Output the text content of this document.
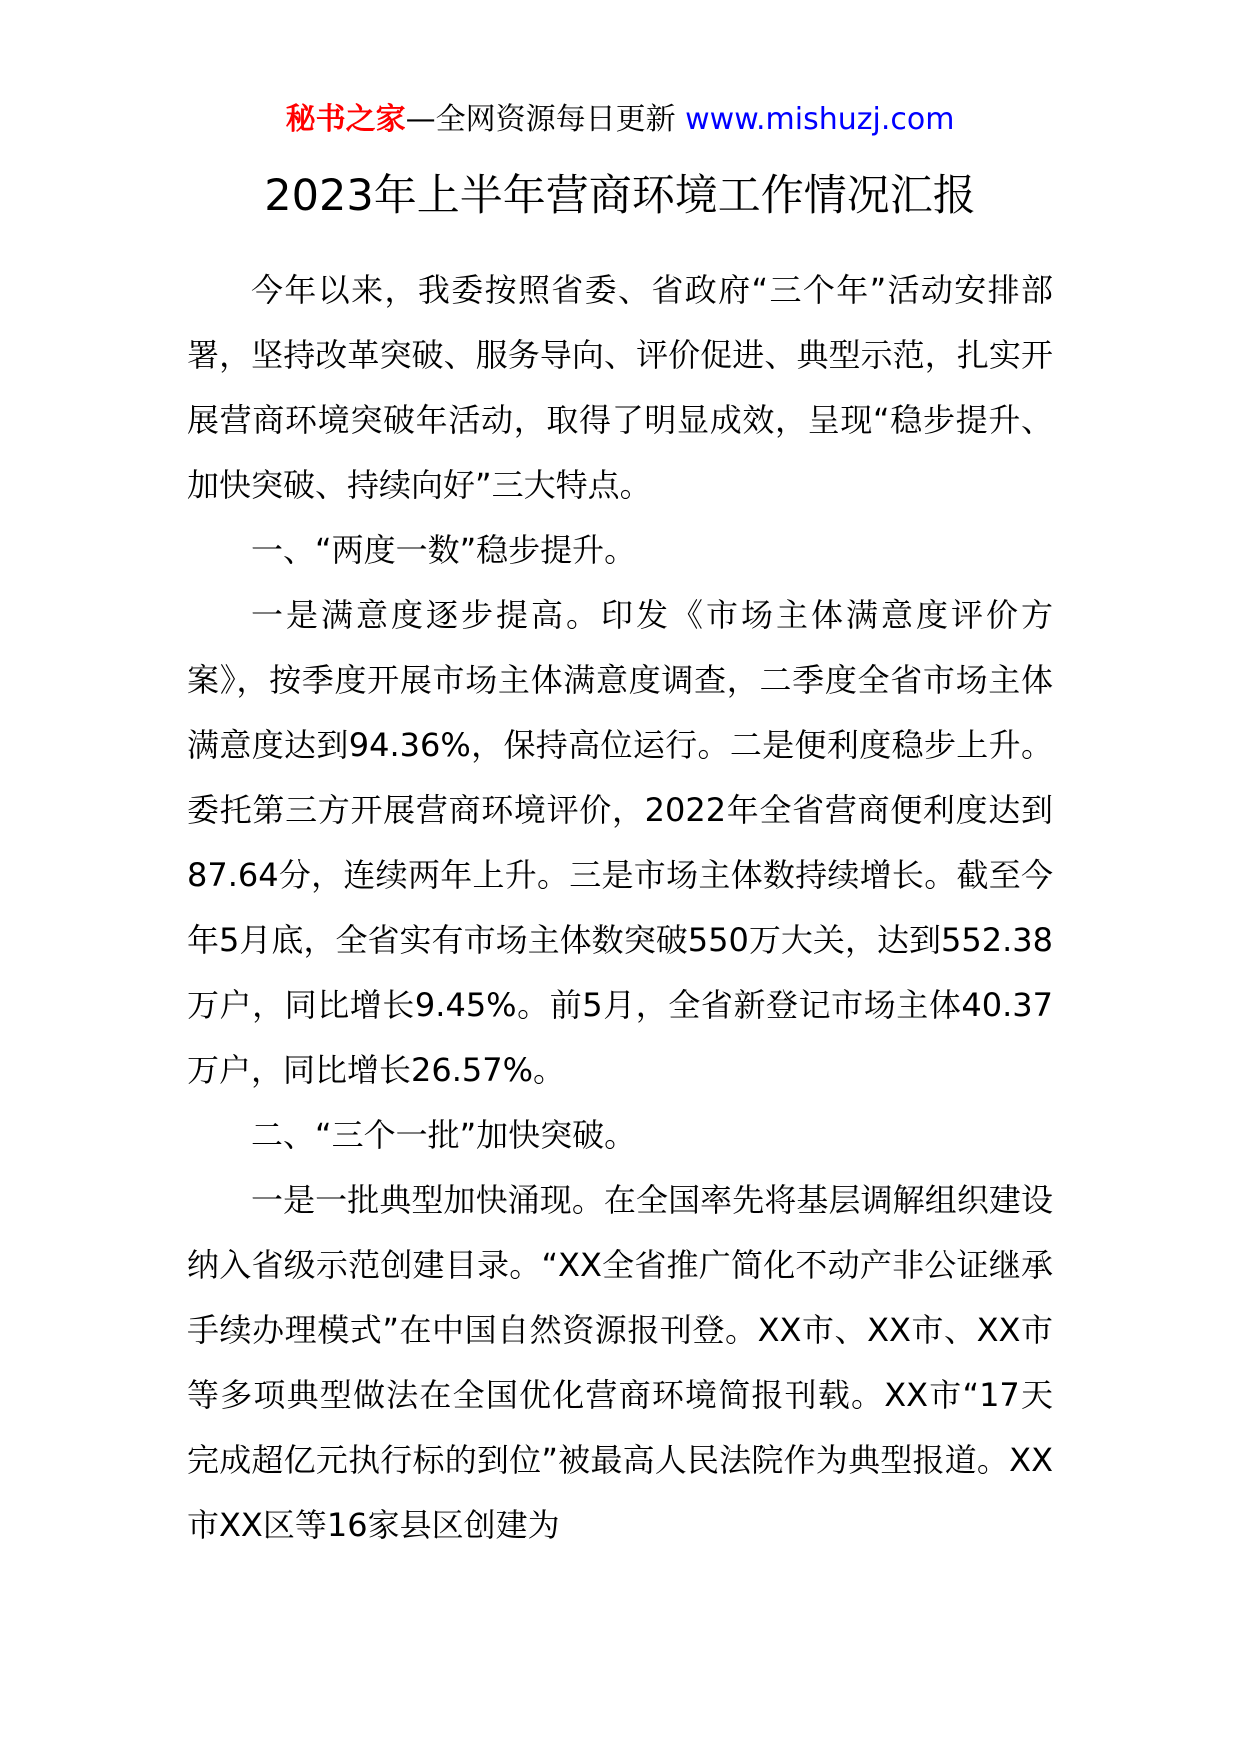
秘书之家—全网资源每日更新 www.mishuzj.com
2023年上半年营商环境工作情况汇报

今年以来，我委按照省委、省政府“三个年”活动安排部署，坚持改革突破、服务导向、评价促进、典型示范，扎实开展营商环境突破年活动，取得了明显成效，呈现“稳步提升、加快突破、持续向好”三大特点。

一、“两度一数”稳步提升。

一是满意度逐步提高。印发《市场主体满意度评价方案》，按季度开展市场主体满意度调查，二季度全省市场主体满意度达到94.36%，保持高位运行。二是便利度稳步上升。委托第三方开展营商环境评价，2022年全省营商便利度达到87.64分，连续两年上升。三是市场主体数持续增长。截至今年5月底，全省实有市场主体数突破550万大关，达到552.38万户，同比增长9.45%。前5月，全省新登记市场主体40.37万户，同比增长26.57%。

二、“三个一批”加快突破。

一是一批典型加快涌现。在全国率先将基层调解组织建设纳入省级示范创建目录。“XX全省推广简化不动产非公证继承手续办理模式”在中国自然资源报刊登。XX市、XX市、XX市等多项典型做法在全国优化营商环境简报刊载。XX市“17天完成超亿元执行标的到位”被最高人民法院作为典型报道。XX市XX区等16家县区创建为
